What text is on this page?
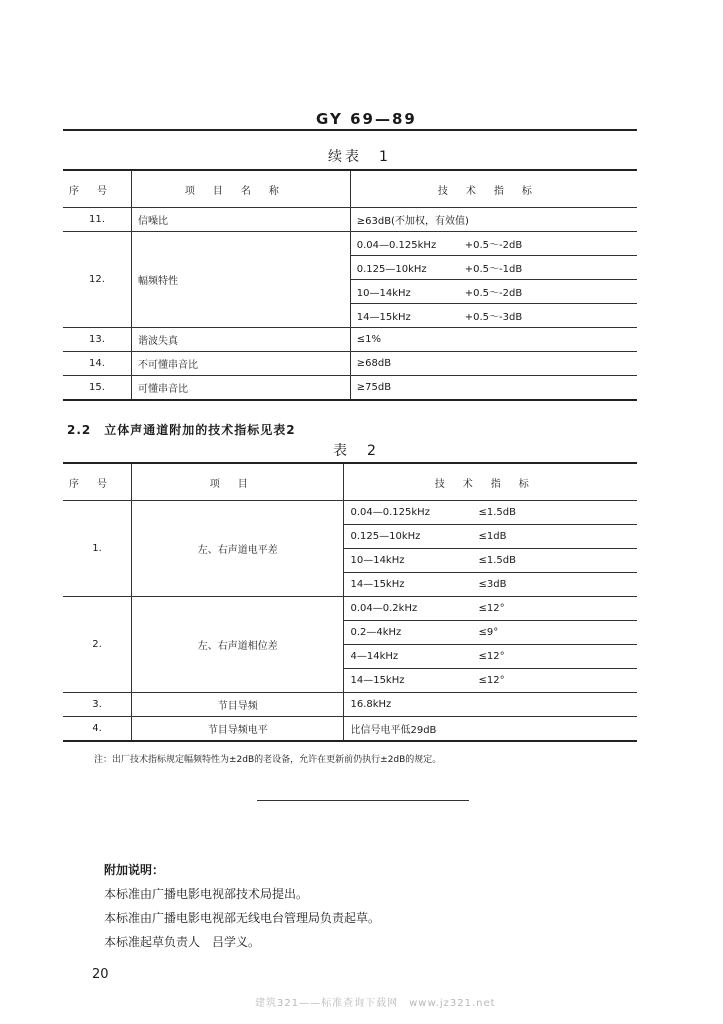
GY 69—89
续表　1
序号	项目名称	技术指标
11.	信噪比	≥63dB(不加权，有效值)
12.	幅频特性	0.04—0.125kHz +0.5～-2dB
		0.125—10kHz +0.5～-1dB
		10—14kHz +0.5～-2dB
		14—15kHz +0.5～-3dB
13.	谐波失真	≤1%
14.	不可懂串音比	≥68dB
15.	可懂串音比	≥75dB
2.2　立体声通道附加的技术指标见表2
表　2
序号	项目	技术指标
1.	左、右声道电平差	0.04—0.125kHz ≤1.5dB
		0.125—10kHz ≤1dB
		10—14kHz ≤1.5dB
		14—15kHz ≤3dB
2.	左、右声道相位差	0.04—0.2kHz ≤12°
		0.2—4kHz ≤9°
		4—14kHz ≤12°
		14—15kHz ≤12°
3.	节目导频	16.8kHz
4.	节目导频电平	比信号电平低29dB
注：出厂技术指标规定幅频特性为±2dB的老设备，允许在更新前仍执行±2dB的规定。
附加说明：
本标准由广播电影电视部技术局提出。
本标准由广播电影电视部无线电台管理局负责起草。
本标准起草负责人　吕学义。
20
建筑321——标准查询下载网　www.jz321.net
